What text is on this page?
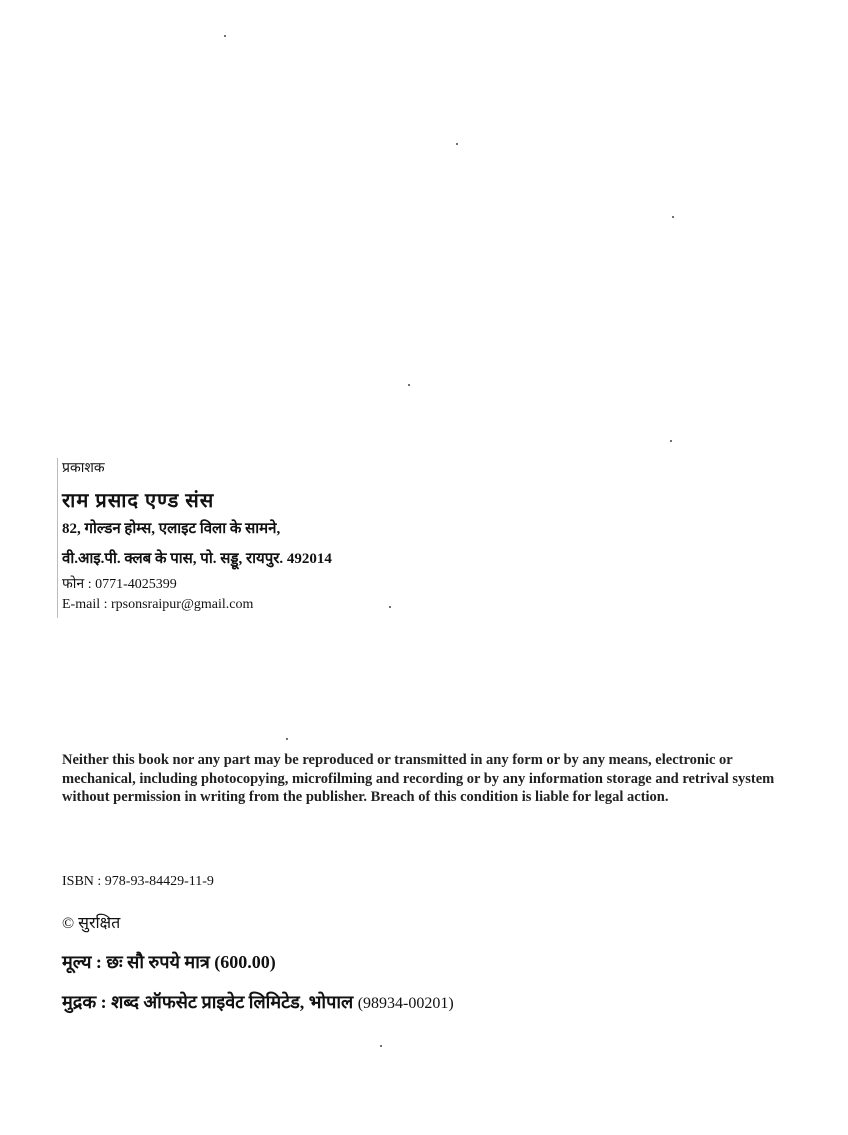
प्रकाशक
राम प्रसाद एण्ड संस
82, गोल्डन होम्स, एलाइट विला के सामने,
वी.आइ.पी. क्लब के पास, पो. सड्डू, रायपुर. 492014
फोन : 0771-4025399
E-mail : rpsonsraipur@gmail.com
Neither this book nor any part may be reproduced or transmitted in any form or by any means, electronic or mechanical, including photocopying, microfilming and recording or by any information storage and retrival system without permission in writing from the publisher. Breach of this condition is liable for legal action.
ISBN : 978-93-84429-11-9
© सुरक्षित
मूल्य : छः सौ रुपये मात्र (600.00)
मुद्रक : शब्द ऑफसेट प्राइवेट लिमिटेड, भोपाल (98934-00201)
